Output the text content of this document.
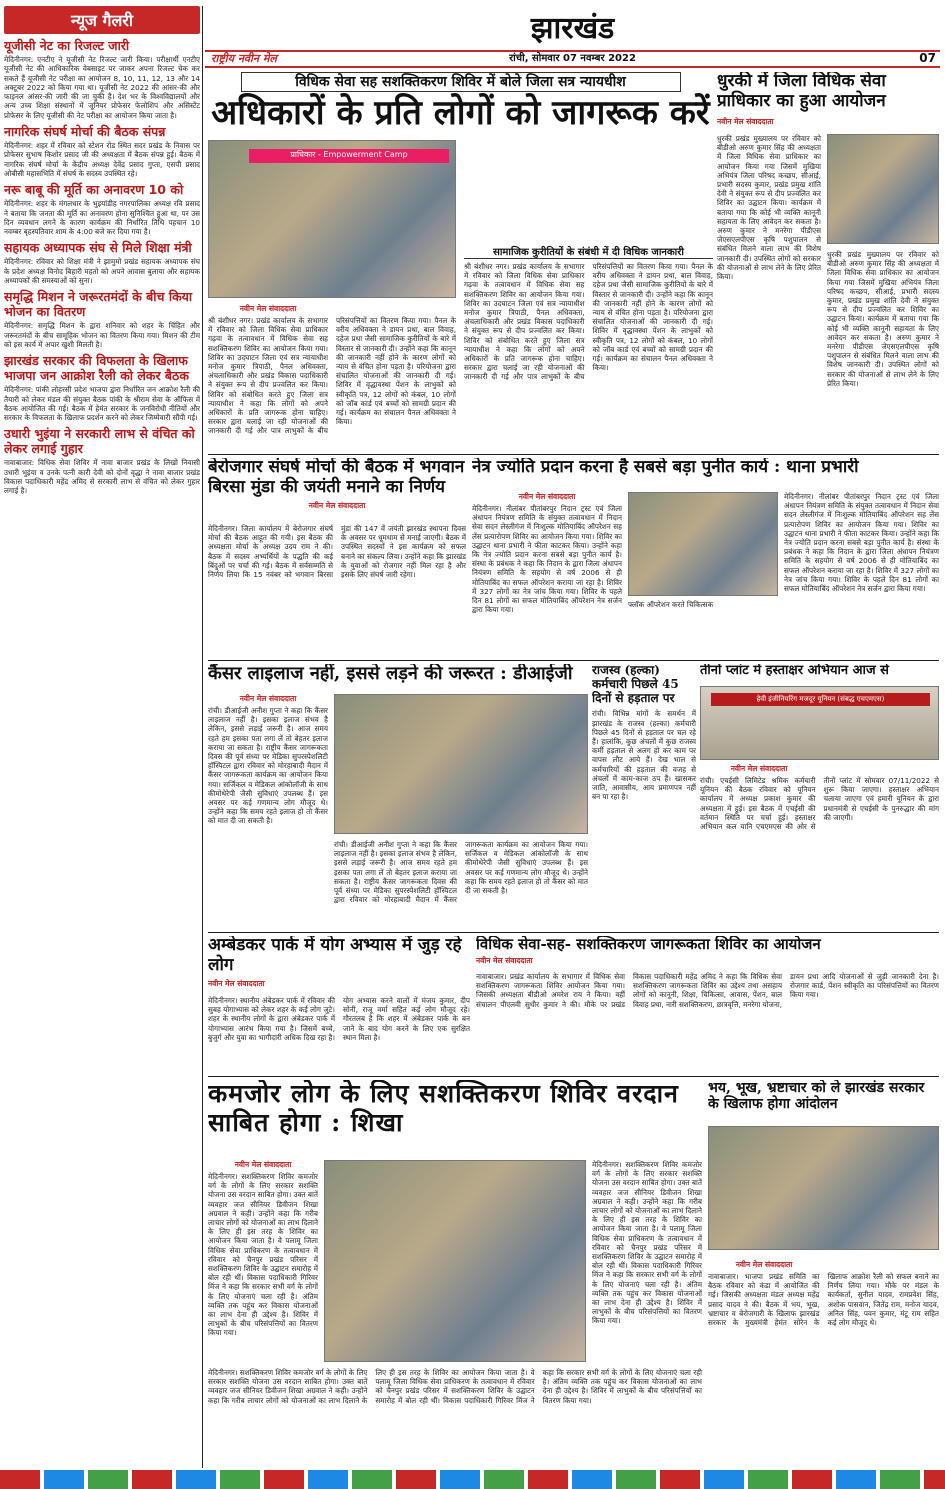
न्यूज गैलरी
यूजीसी नेट का रिजल्ट जारी
मेदिनीनगर: एनटीए ने यूजीसी नेट रिजल्ट जारी किया। परीक्षार्थी एनटीए यूजीसी नेट की आधिकारिक वेबसाइट पर जाकर अपना रिजल्ट चेक कर सकते हैं यूजीसी नेट परीक्षा का आयोजन 8, 10, 11, 12, 13 और 14 अक्टूबर 2022 को किया गया था। यूजीसी नेट 2022 की आंसर-की और फाइनल आंसर-की जारी की जा चुकी है। देश भर के विश्वविद्यालयों और अन्य उच्च शिक्षा संस्थानों में जूनियर प्रोफेसर फेलोशिप और असिस्टेंट प्रोफेसर के लिए यूजीसी की नेट परीक्षा का आयोजन किया जाता है।
नागरिक संघर्ष मोर्चा की बैठक संपन्न
मेदिनीनगर: शहर में रविवार को स्टेशन रोड स्थित सदर प्रखंड के निवास पर प्रोफेसर सुभाष किशोर प्रसाद जी की अध्यक्षता में बैठक संपन्न हुई। बैठक में नागरिक संघर्ष मोर्चा के केंद्रीय अध्यक्ष देवेंद्र प्रसाद गुप्ता, एसपी प्रसाद ओबीसी महासभिति में संघर्ष के सदस्य उपस्थित रहे।
नरू बाबू की मूर्ति का अनावरण 10 को
मेदिनीनगर: शहर के मंगलधार के भुइयांडीह नगरपालिका अध्यक्ष रवि प्रसाद ने बताया कि जनता की मूर्ति का अनावरण होना सुनिश्चित हुआ था, पर उस दिन व्यवधान लगने के कारण कार्यक्रम की निर्धारित तिथि पहचान 10 नवम्बर बृहस्पतिवार शाम के 4:00 बजे कर दिया गया है।
सहायक अध्यापक संघ से मिले शिक्षा मंत्री
मेदिनीनगर: रविवार को शिक्षा मंत्री ने झामुमो प्रखंड सहायक अध्यापक संघ के प्रदेश अध्यक्ष विनोद बिहारी महतो को अपने आवास बुलाया और सहायक अध्यापकों की समस्याओं को सुना।
समृद्धि मिशन ने जरूरतमंदों के बीच किया भोजन का वितरण
मेदिनीनगर: समृद्धि मिशन के द्वारा शनिवार को शहर के चिंहित और जरूरतमंदों के बीच सामूहिक भोजन का वितरण किया गया। मिशन की टीम को इस कार्य में अपार खुशी मिलती है।
झारखंड सरकार की विफलता के खिलाफ भाजपा जन आक्रोश रैली को लेकर बैठक
मेदिनीनगर: पांकी लोहरसी प्रदेश भाजपा द्वारा निर्धारित जन आक्रोश रैली की तैयारी को लेकर मंडल की संयुक्त बैठक पांकी के श्रीराम सेवा के ऑफिस में बैठक आयोजित की गई। बैठक में हेमंत सरकार के जनविरोधी नीतियों और सरकार के विफलता के खिलाफ प्रदर्शन करने को लेकर जिम्मेवारी सौंपी गई।
उधारी भुइंया ने सरकारी लाभ से वंचित को लेकर लगाई गुहार
नावाबाजार: विधिक सेवा शिविर में नावा बाजार प्रखंड के लिखो निवासी उधारी भुइंया व उनके पत्नी कारी देवी को दोनों वृद्धा ने नावा बाजार प्रखंड विकास पदाधिकारी महेंद्र अमिद से सरकारी लाभ से वंचित को लेकर गुहार लगाई है।
झारखंड
राष्ट्रीय नवीन मेल	रांची, सोमवार 07 नवम्बर 2022	07
विधिक सेवा सह सशक्तिकरण शिविर में बोले जिला सत्र न्यायधीश
अधिकारों के प्रति लोगों को जागरूक करें
प्राधिकार - Empowerment Camp
सामाजिक कुरीतियों के संबंधी में दी विधिक जानकारी
नवीन मेल संवाददाता
श्री बंशीधर नगर। प्रखंड कार्यालय के सभागार में रविवार को जिला विधिक सेवा प्राधिकार गढ़वा के तत्वावधान में विधिक सेवा सह सशक्तिकरण शिविर का आयोजन किया गया। शिविर का उदघाटन जिला एवं सत्र न्यायाधीश मनोज कुमार त्रिपाठी, पैनल अधिवक्ता, अंचलाधिकारी और प्रखंड विकास पदाधिकारी ने संयुक्त रूप से दीप प्रज्वलित कर किया। शिविर को संबोधित करते हुए जिला सत्र न्यायाधीश ने कहा कि लोगों को अपने अधिकारों के प्रति जागरूक होना चाहिए। सरकार द्वारा चलाई जा रही योजनाओं की जानकारी दी गई और पात्र लाभुकों के बीच परिसंपत्तियों का वितरण किया गया। पैनल के वरीय अधिवक्ता ने डायन प्रथा, बाल विवाह, दहेज प्रथा जैसी सामाजिक कुरीतियों के बारे में विस्तार से जानकारी दी। उन्होंने कहा कि कानून की जानकारी नहीं होने के कारण लोगों को न्याय से वंचित होना पड़ता है। परियोजना द्वारा संचालित योजनाओं की जानकारी दी गई। शिविर में वृद्धावस्था पेंशन के लाभुकों को स्वीकृति पत्र, 12 लोगों को कंबल, 10 लोगों को जॉब कार्ड एवं बच्चों को सामग्री प्रदान की गई। कार्यक्रम का संचालन पैनल अधिवक्ता ने किया।
श्री बंशीधर नगर। प्रखंड कार्यालय के सभागार में रविवार को जिला विधिक सेवा प्राधिकार गढ़वा के तत्वावधान में विधिक सेवा सह सशक्तिकरण शिविर का आयोजन किया गया। शिविर का उदघाटन जिला एवं सत्र न्यायाधीश मनोज कुमार त्रिपाठी, पैनल अधिवक्ता, अंचलाधिकारी और प्रखंड विकास पदाधिकारी ने संयुक्त रूप से दीप प्रज्वलित कर किया। शिविर को संबोधित करते हुए जिला सत्र न्यायाधीश ने कहा कि लोगों को अपने अधिकारों के प्रति जागरूक होना चाहिए। सरकार द्वारा चलाई जा रही योजनाओं की जानकारी दी गई और पात्र लाभुकों के बीच परिसंपत्तियों का वितरण किया गया। पैनल के वरीय अधिवक्ता ने डायन प्रथा, बाल विवाह, दहेज प्रथा जैसी सामाजिक कुरीतियों के बारे में विस्तार से जानकारी दी। उन्होंने कहा कि कानून की जानकारी नहीं होने के कारण लोगों को न्याय से वंचित होना पड़ता है। परियोजना द्वारा संचालित योजनाओं की जानकारी दी गई। शिविर में वृद्धावस्था पेंशन के लाभुकों को स्वीकृति पत्र, 12 लोगों को कंबल, 10 लोगों को जॉब कार्ड एवं बच्चों को सामग्री प्रदान की गई। कार्यक्रम का संचालन पैनल अधिवक्ता ने किया।
धुरकी में जिला विधिक सेवा प्राधिकार का हुआ आयोजन
नवीन मेल संवाददाता
धुरकी प्रखंड मुख्यालय पर रविवार को बीडीओ अरुण कुमार सिंह की अध्यक्षता में जिला विधिक सेवा प्राधिकार का आयोजन किया गया जिसमें मुखिया अभियंत्र जिला परिषद कच्छप, सीआई, प्रभारी सदस्य कुमार, प्रखंड प्रमुख शांति देवी ने संयुक्त रूप से दीप प्रज्वलित कर शिविर का उद्घाटन किया। कार्यक्रम में बताया गया कि कोई भी व्यक्ति कानूनी सहायता के लिए आवेदन कर सकता है। अरुण कुमार ने मनरेगा पीडीएस जेएसएलपीएस कृषि पशुपालन से संबंधित मिलने वाला लाभ की विशेष जानकारी दी। उपस्थित लोगों को सरकार की योजनाओं से लाभ लेने के लिए प्रेरित किया।
धुरकी प्रखंड मुख्यालय पर रविवार को बीडीओ अरुण कुमार सिंह की अध्यक्षता में जिला विधिक सेवा प्राधिकार का आयोजन किया गया जिसमें मुखिया अभियंत्र जिला परिषद कच्छप, सीआई, प्रभारी सदस्य कुमार, प्रखंड प्रमुख शांति देवी ने संयुक्त रूप से दीप प्रज्वलित कर शिविर का उद्घाटन किया। कार्यक्रम में बताया गया कि कोई भी व्यक्ति कानूनी सहायता के लिए आवेदन कर सकता है। अरुण कुमार ने मनरेगा पीडीएस जेएसएलपीएस कृषि पशुपालन से संबंधित मिलने वाला लाभ की विशेष जानकारी दी। उपस्थित लोगों को सरकार की योजनाओं से लाभ लेने के लिए प्रेरित किया।
बेरोजगार संघर्ष मोर्चा की बैठक में भगवान बिरसा मुंडा की जयंती मनाने का निर्णय
नवीन मेल संवाददाता
मेदिनीनगर। जिला कार्यालय में बेरोजगार संघर्ष मोर्चा की बैठक आहूत की गयी। इस बैठक की अध्यक्षता मोर्चा के अध्यक्ष उदय राम ने की। बैठक में सदस्य अभ्यर्थियों के पद्धति की कई बिंदुओं पर चर्चा की गई। बैठक में सर्वसम्मति से निर्णय लिया कि 15 नवंबर को भगवान बिरसा मुंडा की 147 वें जयंती झारखंड स्थापना दिवस के अवसर पर धूमधाम से मनाई जाएगी। बैठक में उपस्थित सदस्यों ने इस कार्यक्रम को सफल बनाने का संकल्प लिया। उन्होंने कहा कि झारखंड के युवाओं को रोजगार नहीं मिल रहा है और इसके लिए संघर्ष जारी रहेगा।
नेत्र ज्योति प्रदान करना है सबसे बड़ा पुनीत कार्य : थाना प्रभारी
नवीन मेल संवाददाता
मेदिनीनगर। नीलांबर पीतांबरपुर निदान ट्रस्ट एवं जिला अंधापन नियंत्रण समिति के संयुक्त तत्वावधान में निदान सेवा सदन लेस्लीगंज में निःशुल्क मोतियाबिंद ऑपरेशन सह लेंस प्रत्यारोपण शिविर का आयोजन किया गया। शिविर का उद्घाटन थाना प्रभारी ने फीता काटकर किया। उन्होंने कहा कि नेत्र ज्योति प्रदान करना सबसे बड़ा पुनीत कार्य है। संस्था के प्रबंधक ने कहा कि निदान के द्वारा जिला अंधापन नियंत्रण समिति के सहयोग से वर्ष 2006 से ही मोतियाबिंद का सफल ऑपरेशन कराया जा रहा है। शिविर में 327 लोगों का नेत्र जांच किया गया। शिविर के पहले दिन 81 लोगों का सफल मोतियाबिंद ऑपरेशन नेत्र सर्जन द्वारा किया गया।
फ्लॉक ऑपरेशन करते चिकित्सक
मेदिनीनगर। नीलांबर पीतांबरपुर निदान ट्रस्ट एवं जिला अंधापन नियंत्रण समिति के संयुक्त तत्वावधान में निदान सेवा सदन लेस्लीगंज में निःशुल्क मोतियाबिंद ऑपरेशन सह लेंस प्रत्यारोपण शिविर का आयोजन किया गया। शिविर का उद्घाटन थाना प्रभारी ने फीता काटकर किया। उन्होंने कहा कि नेत्र ज्योति प्रदान करना सबसे बड़ा पुनीत कार्य है। संस्था के प्रबंधक ने कहा कि निदान के द्वारा जिला अंधापन नियंत्रण समिति के सहयोग से वर्ष 2006 से ही मोतियाबिंद का सफल ऑपरेशन कराया जा रहा है। शिविर में 327 लोगों का नेत्र जांच किया गया। शिविर के पहले दिन 81 लोगों का सफल मोतियाबिंद ऑपरेशन नेत्र सर्जन द्वारा किया गया।
कैंसर लाइलाज नहीं, इससे लड़ने की जरूरत : डीआईजी
नवीन मेल संवाददाता
रांची। डीआईजी अनीश गुप्ता ने कहा कि कैंसर लाइलाज नहीं है। इसका इलाज संभव है लेकिन, इससे लड़ाई जरूरी है। आज समय रहते हम इसका पता लगा लें तो बेहतर इलाज कराया जा सकता है। राष्ट्रीय कैंसर जागरूकता दिवस की पूर्व संध्या पर मेडिका सुपरस्पेशलिटी हॉस्पिटल द्वारा रविवार को मोरहाबादी मैदान में कैंसर जागरूकता कार्यक्रम का आयोजन किया गया। सर्जिकल व मेडिकल आंकोलॉजी के साथ कीमोथेरेपी जैसी सुविधाएं उपलब्ध हैं। इस अवसर पर कई गणमान्य लोग मौजूद थे। उन्होंने कहा कि समय रहते इलाज हो तो कैंसर को मात दी जा सकती है।
रांची। डीआईजी अनीश गुप्ता ने कहा कि कैंसर लाइलाज नहीं है। इसका इलाज संभव है लेकिन, इससे लड़ाई जरूरी है। आज समय रहते हम इसका पता लगा लें तो बेहतर इलाज कराया जा सकता है। राष्ट्रीय कैंसर जागरूकता दिवस की पूर्व संध्या पर मेडिका सुपरस्पेशलिटी हॉस्पिटल द्वारा रविवार को मोरहाबादी मैदान में कैंसर जागरूकता कार्यक्रम का आयोजन किया गया। सर्जिकल व मेडिकल आंकोलॉजी के साथ कीमोथेरेपी जैसी सुविधाएं उपलब्ध हैं। इस अवसर पर कई गणमान्य लोग मौजूद थे। उन्होंने कहा कि समय रहते इलाज हो तो कैंसर को मात दी जा सकती है।
राजस्व (हल्का) कर्मचारी पिछले 45 दिनों से हड़ताल पर
रांची। विभिन्न मांगों के समर्थन में झारखंड के राजस्व (हल्का) कर्मचारी पिछले 45 दिनों से हड़ताल पर चल रहे हैं। हालांकि, कुछ अंचलों में कुछ राजस्व कर्मी हड़ताल से अलग हो कर काम पर वापस लौट आये हैं। देख भाल से कर्मचारियों की हड़ताल की वजह से अंचलों में काम-काज ठप हैं। खासकर जाति, आवासीय, आय प्रमाणपत्र नहीं बन पा रहा है।
तीनों प्लांट में हस्ताक्षर अभियान आज से
हेवी इंजीनियरिंग मजदूर यूनियन (संबद्ध एचएमएस)
नवीन मेल संवाददाता
रांची। एचईसी लिमिटेड श्रमिक कर्मचारी यूनियन की बैठक रविवार को यूनियन कार्यालय में अध्यक्ष प्रकाश कुमार की अध्यक्षता में हुई। इस बैठक में एचईसी की वर्तमान स्थिति पर चर्चा हुई। हस्ताक्षर अभियान कल यानि एचएमएस की ओर से तीनों प्लांट में सोमवार 07/11/2022 से शुरू किया जाएगा। हस्ताक्षर अभियान चलाया जाएगा एवं हमारी यूनियन के द्वारा प्रधानमंत्री से एचईसी के पुनरुद्धार की मांग की जाएगी।
अम्बेडकर पार्क में योग अभ्यास में जुड़ रहे लोग
नवीन मेल संवाददाता
मेदिनीनगर। स्थानीय अंबेडकर पार्क में रविवार की सुबह योगाभ्यास को लेकर शहर के कई लोग जुटे। शहर के स्थानीय लोगों के द्वारा अंबेडकर पार्क में योगाभ्यास आरंभ किया गया है। जिसमें बच्चे, बुजुर्ग और युवा का भागीदारी अधिक दिख रहा है। योग अभ्यास करने वालों में मंजय कुमार, दीप सोनी, राजू वर्मा सहित कई लोग मौजूद रहे। गौरतलब है कि शहर में अंबेडकर पार्क के बन जाने के बाद योग करने के लिए एक सुरक्षित स्थान मिला है।
विधिक सेवा-सह- सशक्तिकरण जागरूकता शिविर का आयोजन
नवीन मेल संवाददाता
नावाबाजार। प्रखंड कार्यालय के सभागार में विधिक सेवा सशक्तिकरण जागरूकता शिविर आयोजन किया गया। जिसकी अध्यक्षता बीडीओ अमरेश राय ने किया। वहीं संचालन पीएलवी सुधीर कुमार ने की। मौके पर प्रखंड विकास पदाधिकारी महेंद्र अमिद ने कहा कि विधिक सेवा सशक्तिकरण जागरूकता शिविर का उद्देश्य तथा असहाय लोगों को कानूनी, शिक्षा, चिकित्सा, आवास, पेंशन, बाल विवाह प्रथा, नारी सशक्तिकरण, छात्रवृत्ति, मनरेगा योजना, डायन प्रथा आदि योजनाओं से जुड़ी जानकारी देना है। रोजगार कार्ड, पेंशन स्वीकृति का परिसंपत्तियों का वितरण किया गया।
कमजोर लोग के लिए सशक्तिकरण शिविर वरदान साबित होगा : शिखा
नवीन मेल संवाददाता
मेदिनीनगर। सशक्तिकरण शिविर कमजोर वर्ग के लोगों के लिए सरकार सशक्ति योजना उस वरदान साबित होगा। उक्त बातें व्यवहार जज सीनियर डिवीजन शिखा अग्रवाल ने कही। उन्होंने कहा कि गरीब लाचार लोगों को योजनाओं का लाभ दिलाने के लिए ही इस तरह के शिविर का आयोजन किया जाता है। वे पलामू जिला विधिक सेवा प्राधिकरण के तत्वावधान में रविवार को चैनपुर प्रखंड परिसर में सशक्तिकरण शिविर के उद्घाटन समारोह में बोल रही थीं। विकास पदाधिकारी गिरिवर मिंज ने कहा कि सरकार सभी वर्ग के लोगों के लिए योजनाएं चला रही है। अंतिम व्यक्ति तक पहुंच कर विकास योजनाओं का लाभ देना ही उद्देश्य है। शिविर में लाभुकों के बीच परिसंपत्तियों का वितरण किया गया।
मेदिनीनगर। सशक्तिकरण शिविर कमजोर वर्ग के लोगों के लिए सरकार सशक्ति योजना उस वरदान साबित होगा। उक्त बातें व्यवहार जज सीनियर डिवीजन शिखा अग्रवाल ने कही। उन्होंने कहा कि गरीब लाचार लोगों को योजनाओं का लाभ दिलाने के लिए ही इस तरह के शिविर का आयोजन किया जाता है। वे पलामू जिला विधिक सेवा प्राधिकरण के तत्वावधान में रविवार को चैनपुर प्रखंड परिसर में सशक्तिकरण शिविर के उद्घाटन समारोह में बोल रही थीं। विकास पदाधिकारी गिरिवर मिंज ने कहा कि सरकार सभी वर्ग के लोगों के लिए योजनाएं चला रही है। अंतिम व्यक्ति तक पहुंच कर विकास योजनाओं का लाभ देना ही उद्देश्य है। शिविर में लाभुकों के बीच परिसंपत्तियों का वितरण किया गया।
मेदिनीनगर। सशक्तिकरण शिविर कमजोर वर्ग के लोगों के लिए सरकार सशक्ति योजना उस वरदान साबित होगा। उक्त बातें व्यवहार जज सीनियर डिवीजन शिखा अग्रवाल ने कही। उन्होंने कहा कि गरीब लाचार लोगों को योजनाओं का लाभ दिलाने के लिए ही इस तरह के शिविर का आयोजन किया जाता है। वे पलामू जिला विधिक सेवा प्राधिकरण के तत्वावधान में रविवार को चैनपुर प्रखंड परिसर में सशक्तिकरण शिविर के उद्घाटन समारोह में बोल रही थीं। विकास पदाधिकारी गिरिवर मिंज ने कहा कि सरकार सभी वर्ग के लोगों के लिए योजनाएं चला रही है। अंतिम व्यक्ति तक पहुंच कर विकास योजनाओं का लाभ देना ही उद्देश्य है। शिविर में लाभुकों के बीच परिसंपत्तियों का वितरण किया गया।
भय, भूख, भ्रष्टाचार को ले झारखंड सरकार के खिलाफ होगा आंदोलन
नवीन मेल संवाददाता
नावाबाजार। भाजपा प्रखंड समिति का बैठक रविवार को कंडा में आयोजित की गई। जिसकी अध्यक्षता मंडल अध्यक्ष महेंद्र प्रसाद यादव ने की। बैठक में भय, भूख, भ्रष्टाचार व बेरोजगारी के खिलाफ झारखंड सरकार के मुख्यमंत्री हेमंत सोरेन के खिलाफ आक्रोश रैली को सफल बनाने का निर्णय लिया गया। मौके पर मंडल के कार्यकर्ता, सुनील यादव, रामप्रवेश सिंह, अशोक पासवान, जितेंद्र राम, मनोज यादव, अनिल सिंह, पवन कुमार, मंटू राम सहित कई लोग मौजूद थे।
